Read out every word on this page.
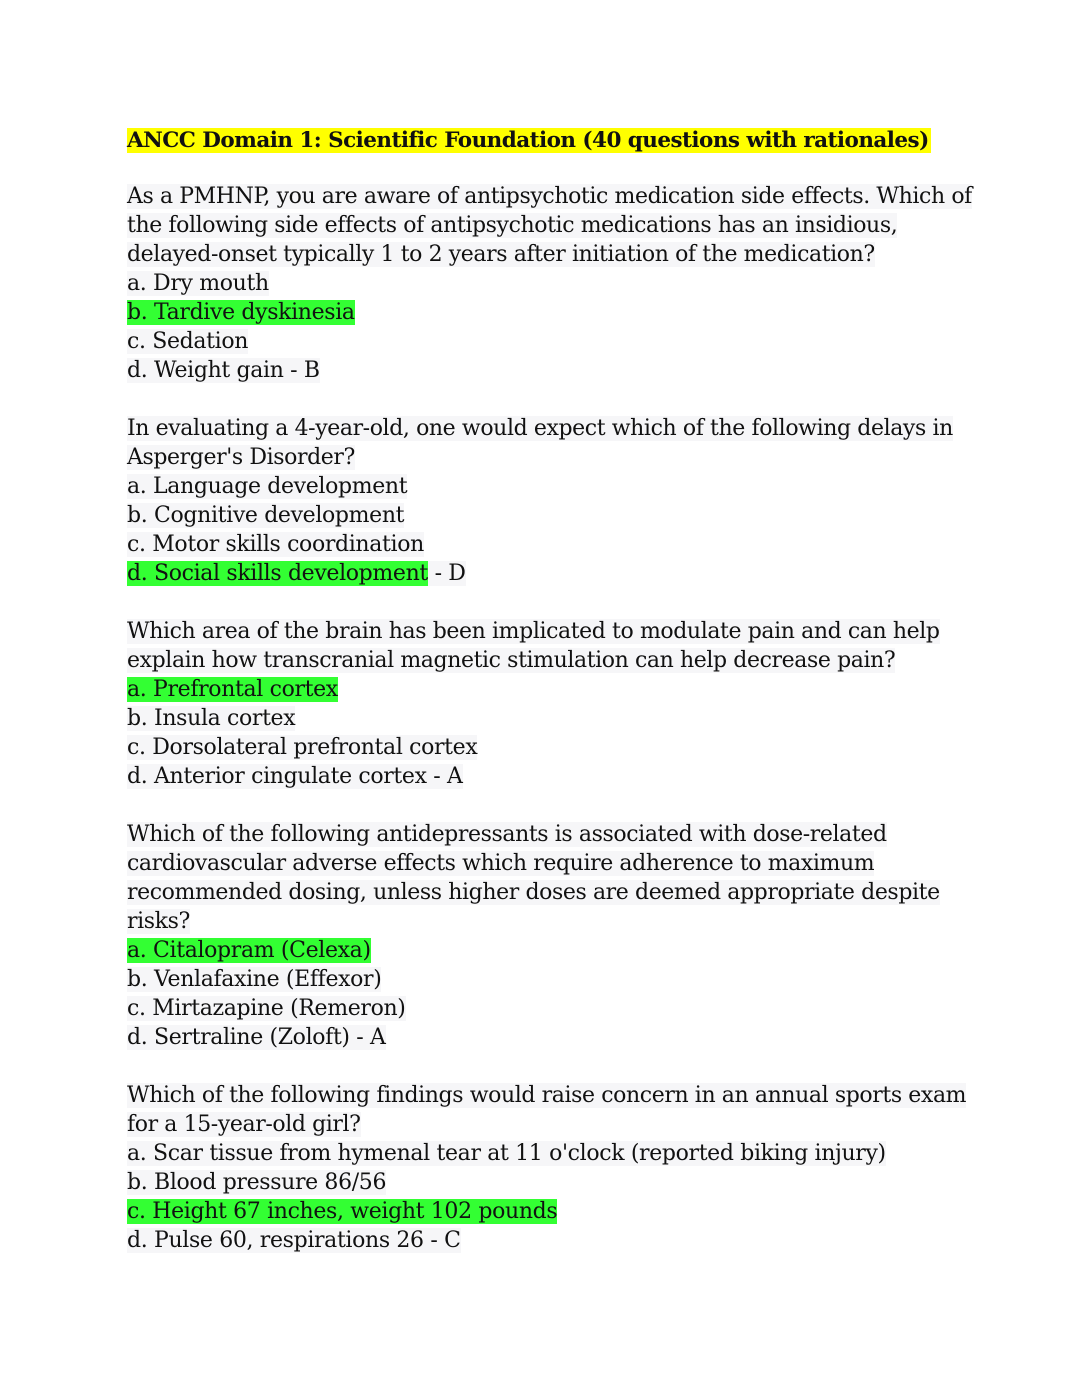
ANCC Domain 1: Scientific Foundation (40 questions with rationales)
As a PMHNP, you are aware of antipsychotic medication side effects. Which of
the following side effects of antipsychotic medications has an insidious,
delayed-onset typically 1 to 2 years after initiation of the medication?
a. Dry mouth
b. Tardive dyskinesia
c. Sedation
d. Weight gain - B
In evaluating a 4-year-old, one would expect which of the following delays in
Asperger's Disorder?
a. Language development
b. Cognitive development
c. Motor skills coordination
d. Social skills development - D
Which area of the brain has been implicated to modulate pain and can help
explain how transcranial magnetic stimulation can help decrease pain?
a. Prefrontal cortex
b. Insula cortex
c. Dorsolateral prefrontal cortex
d. Anterior cingulate cortex - A
Which of the following antidepressants is associated with dose-related
cardiovascular adverse effects which require adherence to maximum
recommended dosing, unless higher doses are deemed appropriate despite
risks?
a. Citalopram (Celexa)
b. Venlafaxine (Effexor)
c. Mirtazapine (Remeron)
d. Sertraline (Zoloft) - A
Which of the following findings would raise concern in an annual sports exam
for a 15-year-old girl?
a. Scar tissue from hymenal tear at 11 o'clock (reported biking injury)
b. Blood pressure 86/56
c. Height 67 inches, weight 102 pounds
d. Pulse 60, respirations 26 - C
